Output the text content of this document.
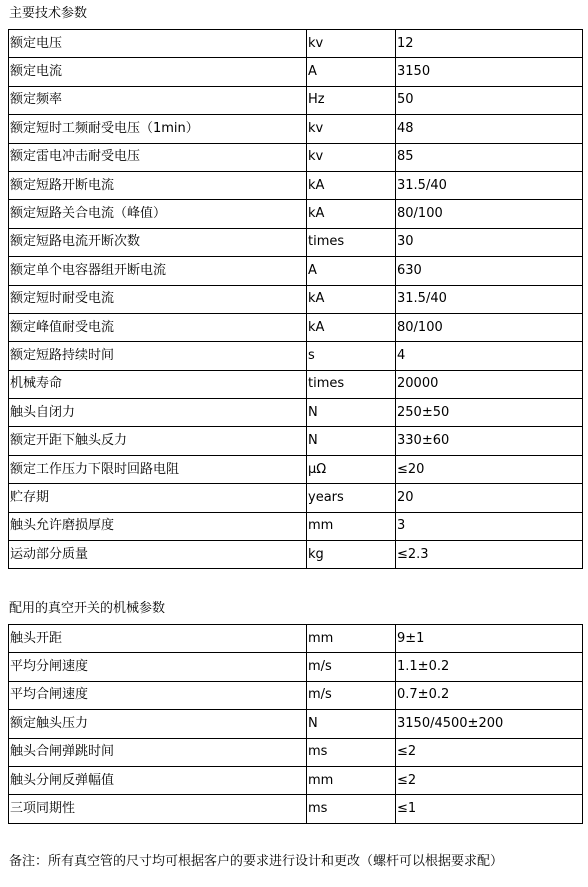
主要技术参数
额定电压	kv	12
额定电流	A	3150
额定频率	Hz	50
额定短时工频耐受电压（1min）	kv	48
额定雷电冲击耐受电压	kv	85
额定短路开断电流	kA	31.5/40
额定短路关合电流（峰值）	kA	80/100
额定短路电流开断次数	times	30
额定单个电容器组开断电流	A	630
额定短时耐受电流	kA	31.5/40
额定峰值耐受电流	kA	80/100
额定短路持续时间	s	4
机械寿命	times	20000
触头自闭力	N	250±50
额定开距下触头反力	N	330±60
额定工作压力下限时回路电阻	μΩ	≤20
贮存期	years	20
触头允许磨损厚度	mm	3
运动部分质量	kg	≤2.3
配用的真空开关的机械参数
触头开距	mm	9±1
平均分闸速度	m/s	1.1±0.2
平均合闸速度	m/s	0.7±0.2
额定触头压力	N	3150/4500±200
触头合闸弹跳时间	ms	≤2
触头分闸反弹幅值	mm	≤2
三项同期性	ms	≤1
备注：所有真空管的尺寸均可根据客户的要求进行设计和更改（螺杆可以根据要求配）
